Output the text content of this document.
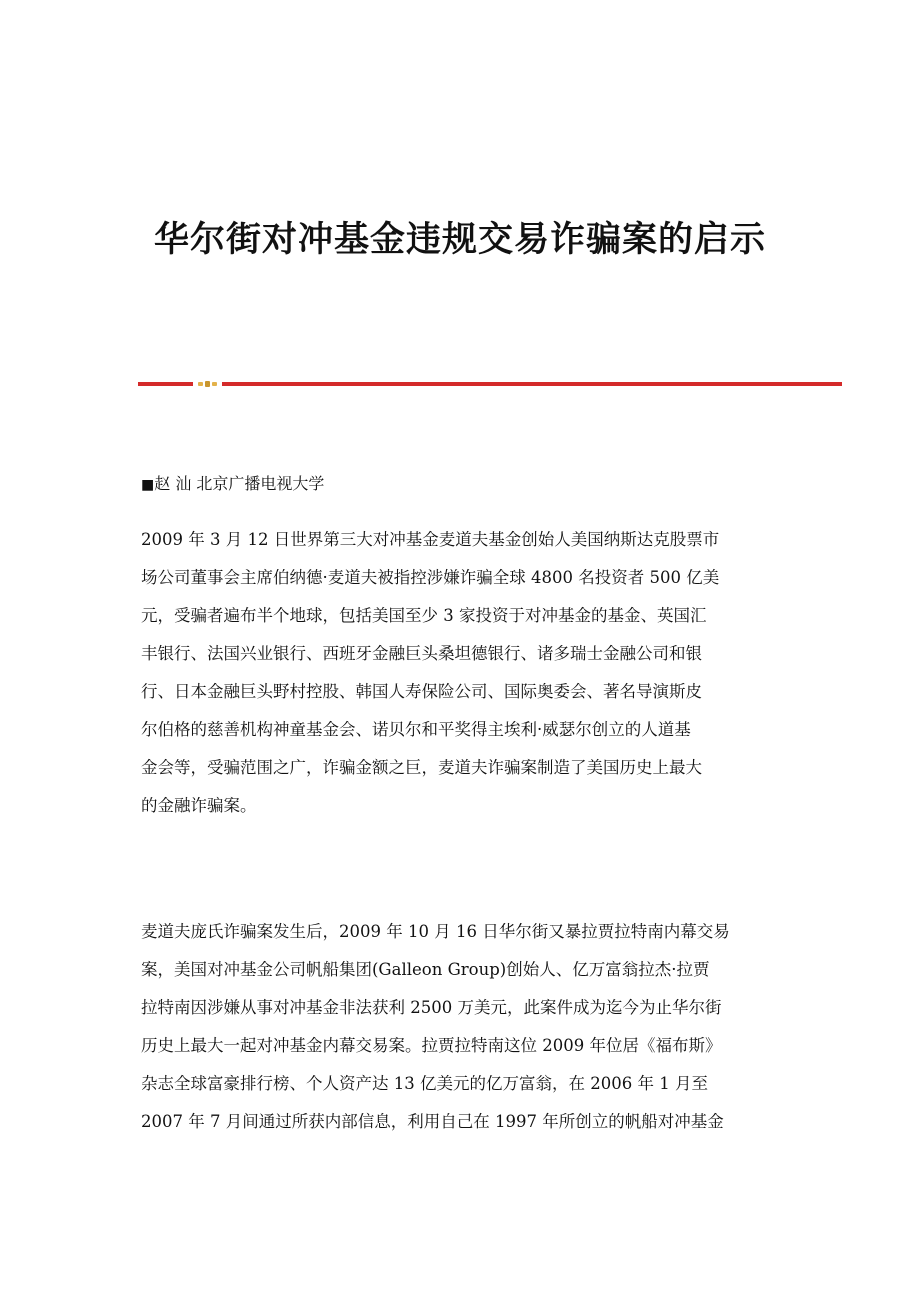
华尔街对冲基金违规交易诈骗案的启示
■赵 汕 北京广播电视大学

2009 年 3 月 12 日世界第三大对冲基金麦道夫基金创始人美国纳斯达克股票市
场公司董事会主席伯纳德·麦道夫被指控涉嫌诈骗全球 4800 名投资者 500 亿美
元，受骗者遍布半个地球，包括美国至少 3 家投资于对冲基金的基金、英国汇
丰银行、法国兴业银行、西班牙金融巨头桑坦德银行、诸多瑞士金融公司和银
行、日本金融巨头野村控股、韩国人寿保险公司、国际奥委会、著名导演斯皮
尔伯格的慈善机构神童基金会、诺贝尔和平奖得主埃利·威瑟尔创立的人道基
金会等，受骗范围之广，诈骗金额之巨，麦道夫诈骗案制造了美国历史上最大
的金融诈骗案。

麦道夫庞氏诈骗案发生后，2009 年 10 月 16 日华尔街又暴拉贾拉特南内幕交易
案，美国对冲基金公司帆船集团(Galleon Group)创始人、亿万富翁拉杰·拉贾
拉特南因涉嫌从事对冲基金非法获利 2500 万美元，此案件成为迄今为止华尔街
历史上最大一起对冲基金内幕交易案。拉贾拉特南这位 2009 年位居《福布斯》
杂志全球富豪排行榜、个人资产达 13 亿美元的亿万富翁，在 2006 年 1 月至
2007 年 7 月间通过所获内部信息，利用自己在 1997 年所创立的帆船对冲基金
